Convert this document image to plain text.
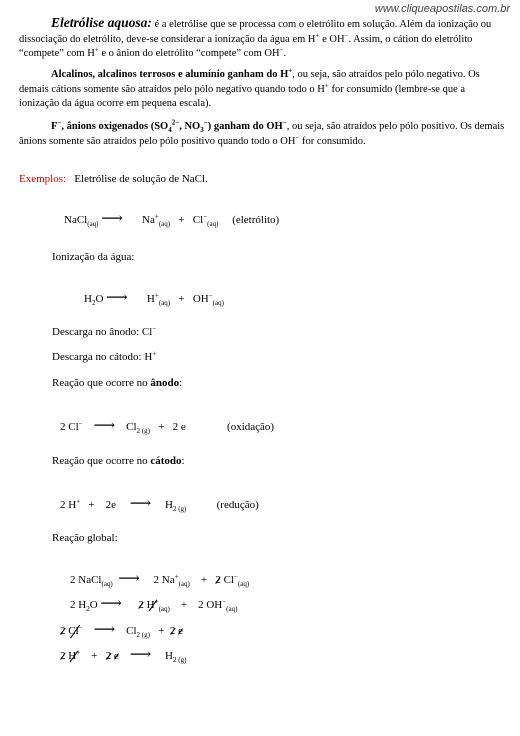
www.cliqueapostilas.com.br
Eletrólise aquosa: é a eletrólise que se processa com o eletrólito em solução. Além da ionização ou dissociação do eletrólito, deve-se considerar a ionização da água em H+ e OH−. Assim, o cátion do eletrólito “compete” com H+ e o ânion do eletrólito “compete” com OH−.
Alcalinos, alcalinos terrosos e alumínio ganham do H+, ou seja, são atraídos pelo pólo negativo. Os demais cátions somente são atraídos pelo pólo negativo quando todo o H+ for consumido (lembre-se que a ionização da água ocorre em pequena escala).
F−, ânions oxigenados ($SO_4^{2-}$, $NO_3^-$) ganham do OH−, ou seja, são atraídos pelo pólo positivo. Os demais ânions somente são atraídos pelo pólo positivo quando todo o OH− for consumido.
Exemplos: Eletrólise de solução de NaCl.
NaCl$_{(aq)}$ ⟶       $Na^+_{(aq)} + Cl^-_{(aq)}$ (eletrólito)
Ionização da água:
$H_2O$ ⟶       $H^+_{(aq)} + OH^-_{(aq)}$
Descarga no ânodo: Cl−
Descarga no cátodo: H+
Reação que ocorre no ânodo:
2 Cl− ⟶    $Cl_{2 (g)} + 2$ e               (oxidação)
Reação que ocorre no cátodo:
2 H+   +    2e     ⟶     $H_{2 (g)}$	(redução)
Reação global:
2 NaCl$_{(aq)}$ ⟶     2 $Na^+_{(aq)}$    +   2 $Cl^-_{(aq)}$
2 $H_2O$ ⟶ 2 $H^+_{(aq)}$    +    2 $OH^-_{(aq)}$
2 Cl− ⟶    $Cl_{2 (g)} + 2$ e
2 H+    +   2 e ⟶     $H_{2 (g)}$
